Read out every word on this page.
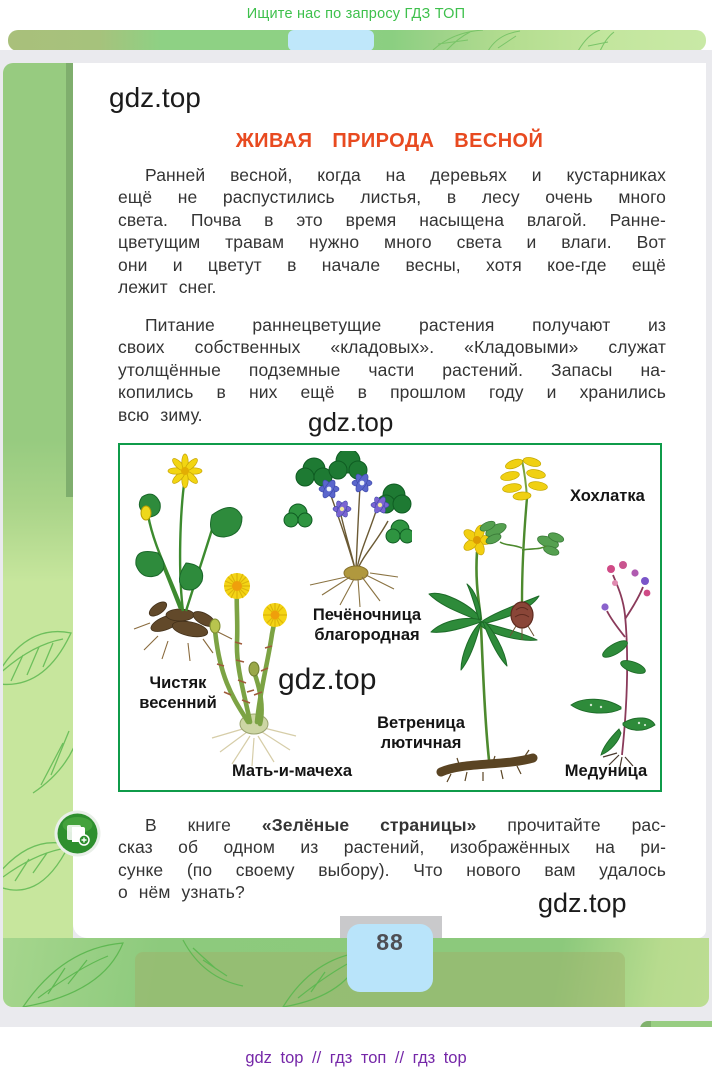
Ищите нас по запросу ГДЗ ТОП
gdz.top
ЖИВАЯ ПРИРОДА ВЕСНОЙ
Ранней весной, когда на деревьях и кустарниках
ещё не распустились листья, в лесу очень много
света. Почва в это время насыщена влагой. Ранне-
цветущим травам нужно много света и влаги. Вот
они и цветут в начале весны, хотя кое-где ещё
лежит снег.
Питание раннецветущие растения получают из
своих собственных «кладовых». «Кладовыми» служат
утолщённые подземные части растений. Запасы на-
копились в них ещё в прошлом году и хранились
всю зиму.	gdz.top
Хохлатка
Печёночница
благородная
Чистяк
весенний
Ветреница
лютичная
Мать-и-мачеха	Медуница
gdz.top
В книге «Зелёные страницы» прочитайте рас-
сказ об одном из растений, изображённых на ри-
сунке (по своему выбору). Что нового вам удалось
о нём узнать?	gdz.top
88
gdz top // гдз топ // гдз top
